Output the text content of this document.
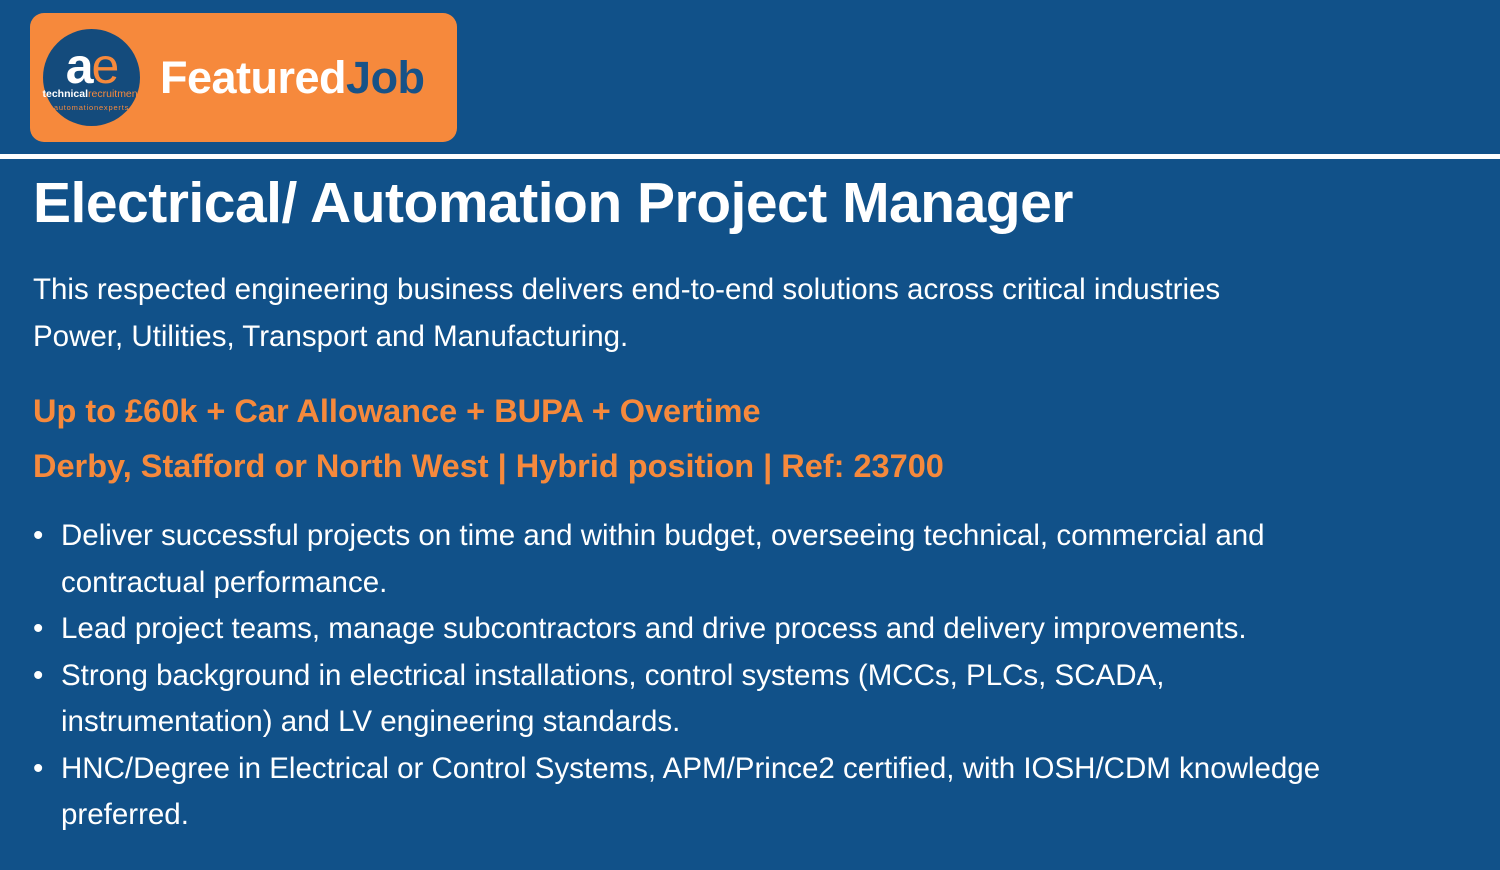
ae
technicalrecruitment
automationexperts
FeaturedJob
Electrical/ Automation Project Manager

This respected engineering business delivers end-to-end solutions across critical industries
Power, Utilities, Transport and Manufacturing.

Up to £60k + Car Allowance + BUPA + Overtime
Derby, Stafford or North West | Hybrid position | Ref: 23700

• Deliver successful projects on time and within budget, overseeing technical, commercial and
contractual performance.
• Lead project teams, manage subcontractors and drive process and delivery improvements.
• Strong background in electrical installations, control systems (MCCs, PLCs, SCADA,
instrumentation) and LV engineering standards.
• HNC/Degree in Electrical or Control Systems, APM/Prince2 certified, with IOSH/CDM knowledge
preferred.
